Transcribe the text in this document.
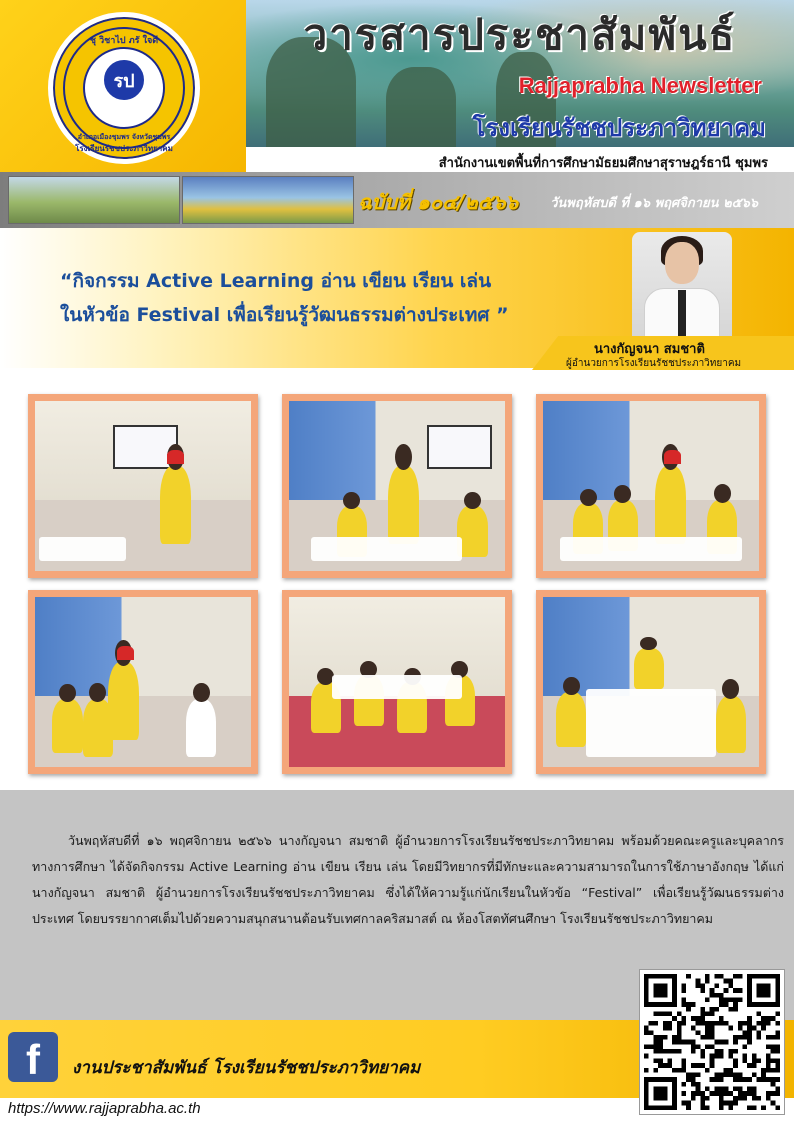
ชุ วิชาไป ภรั ใจดี
อำเภอเมืองชุมพร จังหวัดชุมพร
โรงเรียนรัชชประภาวิทยาคม
รป
วารสารประชาสัมพันธ์
Rajjaprabha Newsletter
โรงเรียนรัชชประภาวิทยาคม
สำนักงานเขตพื้นที่การศึกษามัธยมศึกษาสุราษฎร์ธานี ชุมพร
ฉบับที่ ๑๐๔/๒๕๖๖ วันพฤหัสบดี ที่ ๑๖ พฤศจิกายน ๒๕๖๖
“กิจกรรม Active Learning อ่าน เขียน เรียน เล่น
ในหัวข้อ Festival เพื่อเรียนรู้วัฒนธรรมต่างประเทศ ”
นางกัญจนา สมชาติ
ผู้อำนวยการโรงเรียนรัชชประภาวิทยาคม
วันพฤหัสบดีที่ ๑๖ พฤศจิกายน ๒๕๖๖ นางกัญจนา สมชาติ ผู้อำนวยการโรงเรียนรัชชประภาวิทยาคม พร้อมด้วยคณะครูและบุคลากรทางการศึกษา ได้จัดกิจกรรม Active Learning อ่าน เขียน เรียน เล่น โดยมีวิทยากรที่มีทักษะและความสามารถในการใช้ภาษาอังกฤษ ได้แก่ นางกัญจนา สมชาติ ผู้อำนวยการโรงเรียนรัชชประภาวิทยาคม ซึ่งได้ให้ความรู้แก่นักเรียนในหัวข้อ “Festival” เพื่อเรียนรู้วัฒนธรรมต่างประเทศ โดยบรรยากาศเต็มไปด้วยความสนุกสนานต้อนรับเทศกาลคริสมาสต์ ณ ห้องโสตทัศนศึกษา โรงเรียนรัชชประภาวิทยาคม
f	งานประชาสัมพันธ์ โรงเรียนรัชชประภาวิทยาคม
https://www.rajjaprabha.ac.th
